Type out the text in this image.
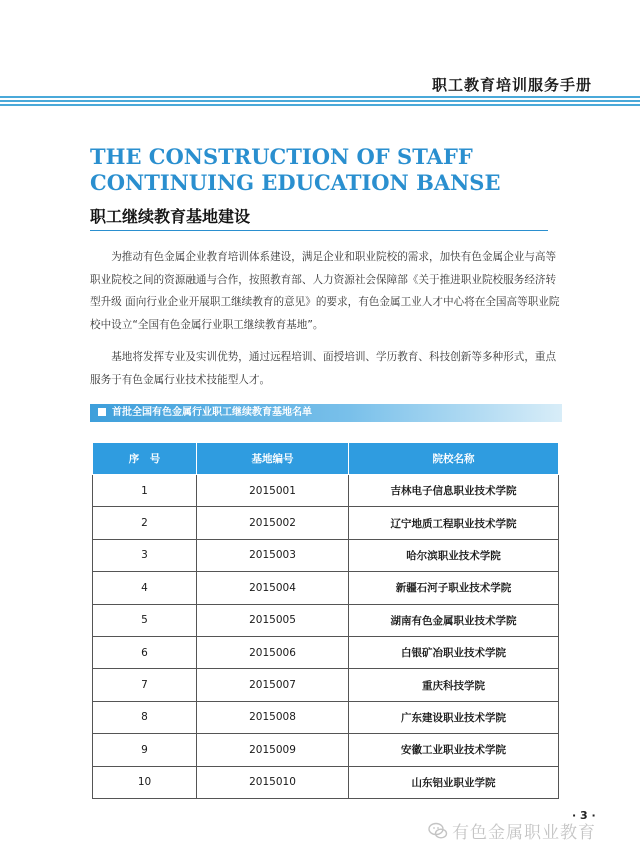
职工教育培训服务手册
THE CONSTRUCTION OF STAFF
CONTINUING EDUCATION BANSE
职工继续教育基地建设

为推动有色金属企业教育培训体系建设，满足企业和职业院校的需求，加快有色金属企业与高等职业院校之间的资源融通与合作，按照教育部、人力资源社会保障部《关于推进职业院校服务经济转型升级 面向行业企业开展职工继续教育的意见》的要求，有色金属工业人才中心将在全国高等职业院校中设立“全国有色金属行业职工继续教育基地”。

基地将发挥专业及实训优势，通过远程培训、面授培训、学历教育、科技创新等多种形式，重点服务于有色金属行业技术技能型人才。

首批全国有色金属行业职工继续教育基地名单
序　号	基地编号	院校名称
1	2015001	吉林电子信息职业技术学院
2	2015002	辽宁地质工程职业技术学院
3	2015003	哈尔滨职业技术学院
4	2015004	新疆石河子职业技术学院
5	2015005	湖南有色金属职业技术学院
6	2015006	白银矿冶职业技术学院
7	2015007	重庆科技学院
8	2015008	广东建设职业技术学院
9	2015009	安徽工业职业技术学院
10	2015010	山东铝业职业学院
· 3 ·
有色金属职业教育
